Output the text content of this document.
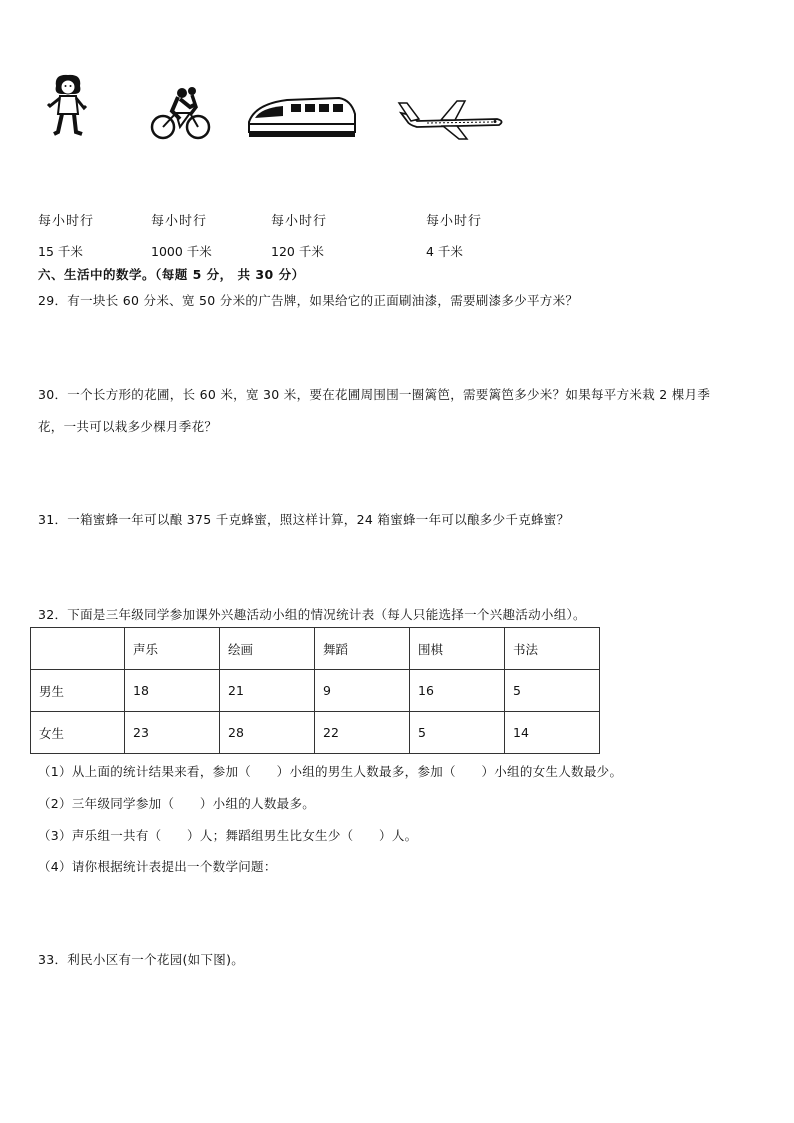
每小时行	每小时行	每小时行	每小时行
15 千米	1000 千米	120 千米	4 千米
六、生活中的数学。（每题 5 分， 共 30 分）
29．有一块长 60 分米、宽 50 分米的广告牌，如果给它的正面刷油漆，需要刷漆多少平方米？
30．一个长方形的花圃，长 60 米，宽 30 米，要在花圃周围围一圈篱笆，需要篱笆多少米？如果每平方米栽 2 棵月季
花，一共可以栽多少棵月季花？
31．一箱蜜蜂一年可以酿 375 千克蜂蜜，照这样计算，24 箱蜜蜂一年可以酿多少千克蜂蜜？
32．下面是三年级同学参加课外兴趣活动小组的情况统计表（每人只能选择一个兴趣活动小组）。
	声乐	绘画	舞蹈	围棋	书法
男生	18	21	9	16	5
女生	23	28	22	5	14
（1）从上面的统计结果来看，参加（　　）小组的男生人数最多，参加（　　）小组的女生人数最少。
（2）三年级同学参加（　　）小组的人数最多。
（3）声乐组一共有（　　）人；舞蹈组男生比女生少（　　）人。
（4）请你根据统计表提出一个数学问题：
33．利民小区有一个花园(如下图)。
